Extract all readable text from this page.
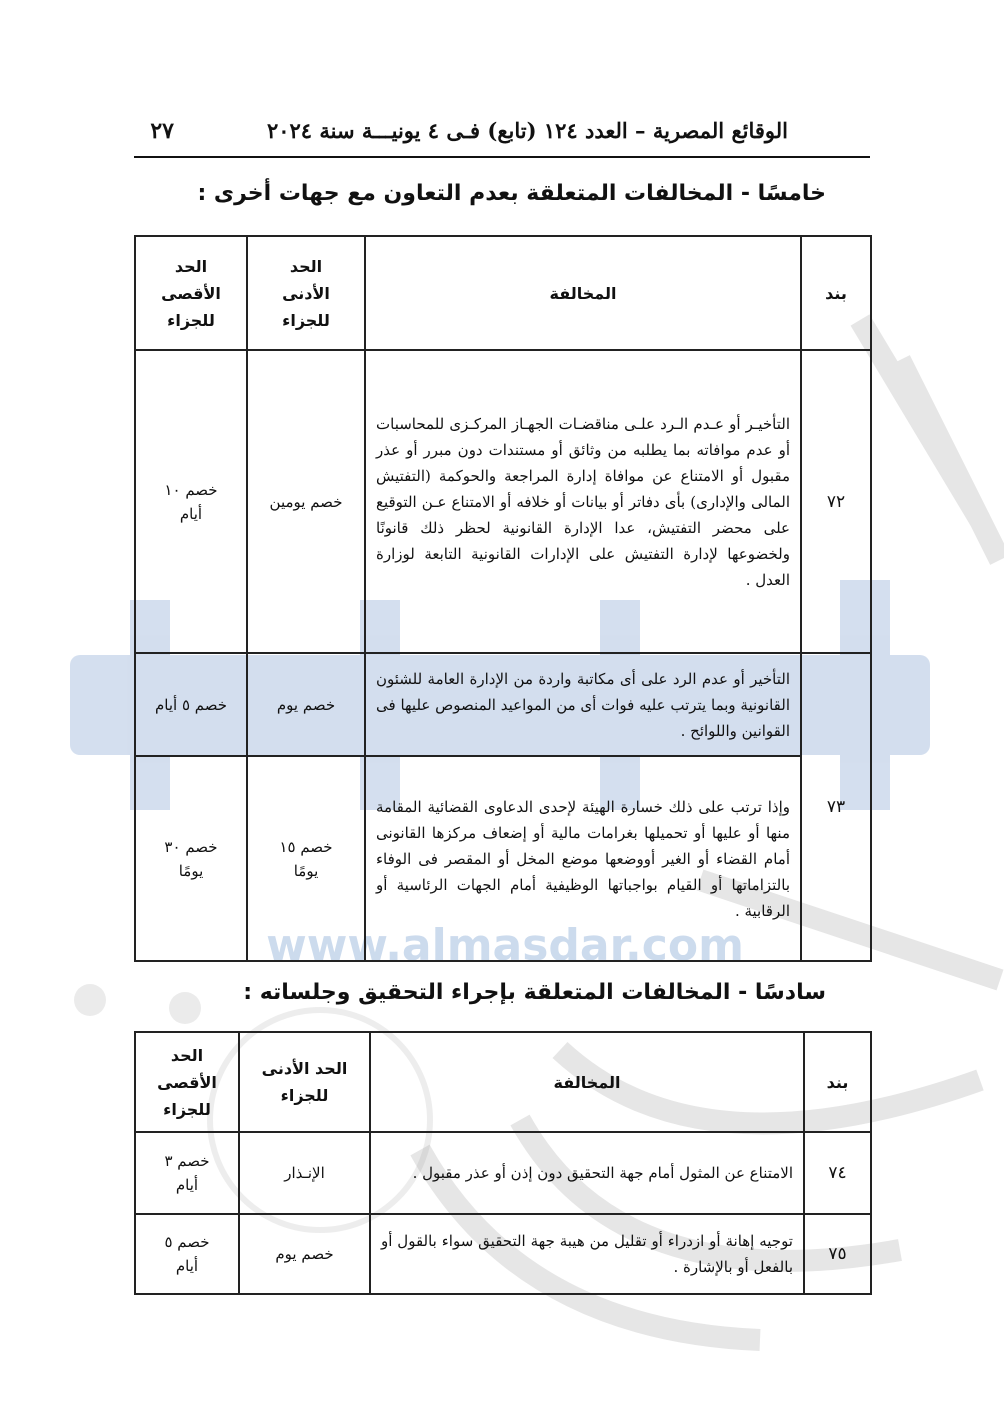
www.almasdar.com
الوقائع المصرية – العدد ١٢٤ (تابع) فـى ٤ يونيـــة سنة ٢٠٢٤
٢٧
خامسًا - المخالفات المتعلقة بعدم التعاون مع جهات أخرى :
بند	المخالفة	الحد الأدنى للجزاء	الحد الأقصى للجزاء

٧٢	التأخيـر أو عـدم الـرد علـى مناقضـات الجهـاز المركـزى للمحاسبات أو عدم موافاته بما يطلبه من وثائق أو مستندات دون مبرر أو عذر مقبول أو الامتناع عن موافاة إدارة المراجعة والحوكمة (التفتيش المالى والإدارى) بأى دفاتر أو بيانات أو خلافه أو الامتناع عـن التوقيع على محضر التفتيش، عدا الإدارة القانونية لحظر ذلك قانونًا ولخضوعها لإدارة التفتيش على الإدارات القانونية التابعة لوزارة العدل .	خصم يومين	خصم ١٠ أيام

٧٣	التأخير أو عدم الرد على أى مكاتبة واردة من الإدارة العامة للشئون القانونية وبما يترتب عليه فوات أى من المواعيد المنصوص عليها فى القوانين واللوائح .	خصم يوم	خصم ٥ أيام
	وإذا ترتب على ذلك خسارة الهيئة لإحدى الدعاوى القضائية المقامة منها أو عليها أو تحميلها بغرامات مالية أو إضعاف مركزها القانونى أمام القضاء أو الغير أووضعها موضع المخل أو المقصر فى الوفاء بالتزاماتها أو القيام بواجباتها الوظيفية أمام الجهات الرئاسية أو الرقابية .	خصم ١٥ يومًا	خصم ٣٠ يومًا
سادسًا - المخالفات المتعلقة بإجراء التحقيق وجلساته :
بند	المخالفة	الحد الأدنى للجزاء	الحد الأقصى للجزاء

٧٤	الامتناع عن المثول أمام جهة التحقيق دون إذن أو عذر مقبول .	الإنـذار	خصم ٣ أيام

٧٥	توجيه إهانة أو ازدراء أو تقليل من هيبة جهة التحقيق سواء بالقول أو بالفعل أو بالإشارة .	خصم يوم	خصم ٥ أيام
